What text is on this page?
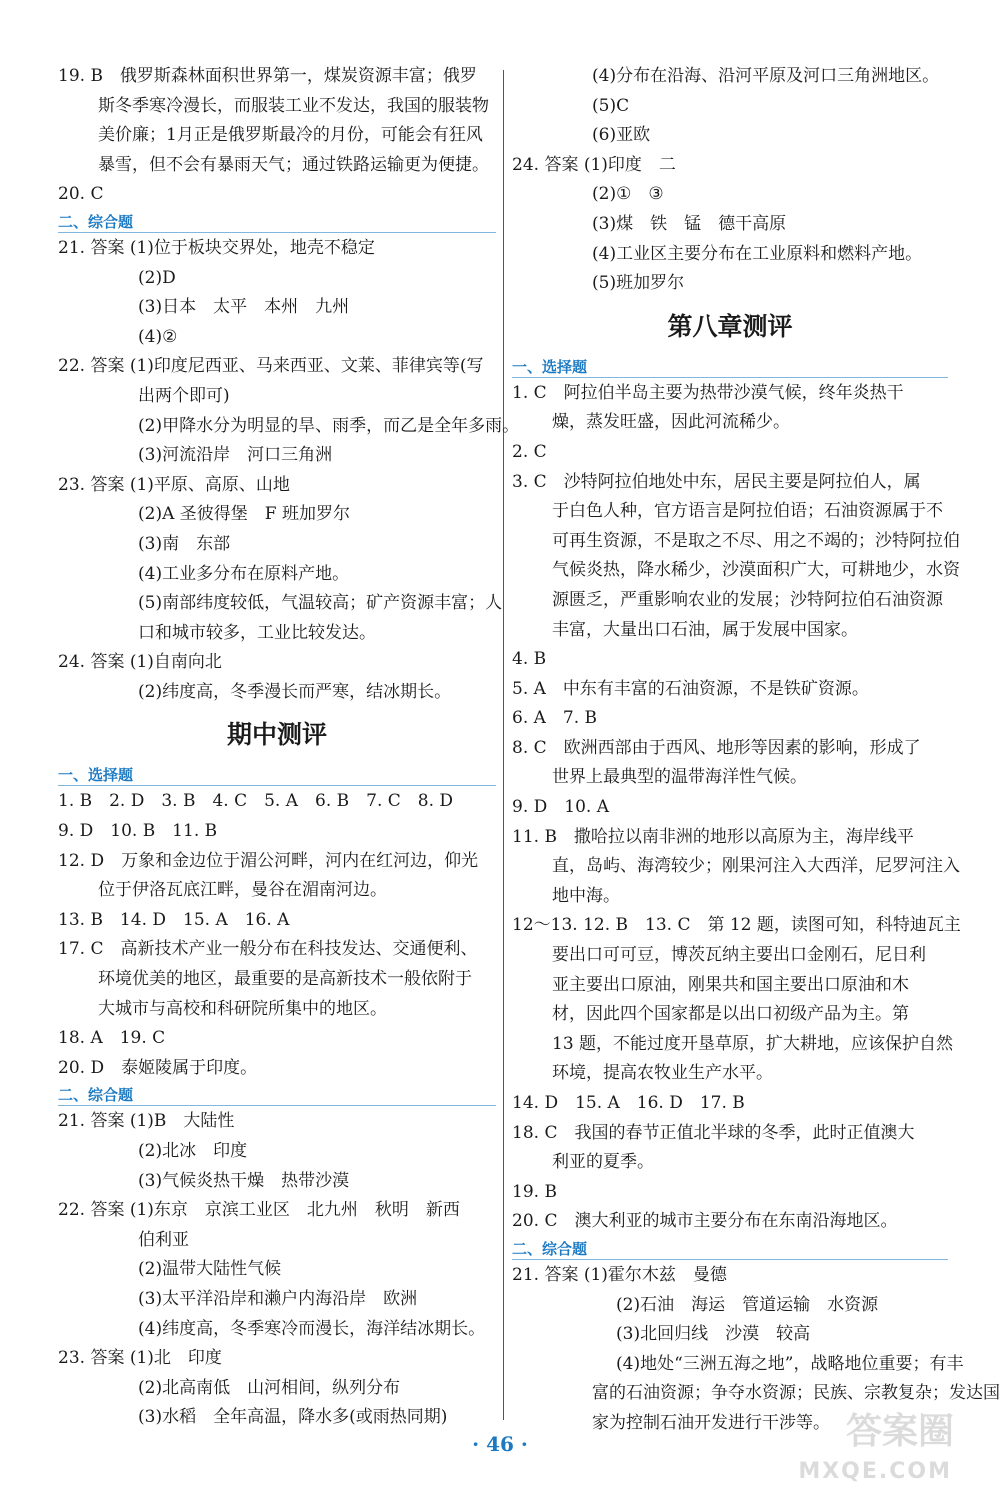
19. B　俄罗斯森林面积世界第一，煤炭资源丰富；俄罗
斯冬季寒冷漫长，而服装工业不发达，我国的服装物
美价廉；1月正是俄罗斯最冷的月份，可能会有狂风
暴雪，但不会有暴雨天气；通过铁路运输更为便捷。
20. C
二、综合题
21. 答案 (1)位于板块交界处，地壳不稳定
(2)D
(3)日本　太平　本州　九州
(4)②
22. 答案 (1)印度尼西亚、马来西亚、文莱、菲律宾等(写
出两个即可)
(2)甲降水分为明显的旱、雨季，而乙是全年多雨。
(3)河流沿岸　河口三角洲
23. 答案 (1)平原、高原、山地
(2)A 圣彼得堡　F 班加罗尔
(3)南　东部
(4)工业多分布在原料产地。
(5)南部纬度较低，气温较高；矿产资源丰富；人
口和城市较多，工业比较发达。
24. 答案 (1)自南向北
(2)纬度高，冬季漫长而严寒，结冰期长。
期中测评
一、选择题
1. B　2. D　3. B　4. C　5. A　6. B　7. C　8. D
9. D　10. B　11. B
12. D　万象和金边位于湄公河畔，河内在红河边，仰光
位于伊洛瓦底江畔，曼谷在湄南河边。
13. B　14. D　15. A　16. A
17. C　高新技术产业一般分布在科技发达、交通便利、
环境优美的地区，最重要的是高新技术一般依附于
大城市与高校和科研院所集中的地区。
18. A　19. C
20. D　泰姬陵属于印度。
二、综合题
21. 答案 (1)B　大陆性
(2)北冰　印度
(3)气候炎热干燥　热带沙漠
22. 答案 (1)东京　京滨工业区　北九州　秋明　新西
伯利亚
(2)温带大陆性气候
(3)太平洋沿岸和濑户内海沿岸　欧洲
(4)纬度高，冬季寒冷而漫长，海洋结冰期长。
23. 答案 (1)北　印度
(2)北高南低　山河相间，纵列分布
(3)水稻　全年高温，降水多(或雨热同期)
(4)分布在沿海、沿河平原及河口三角洲地区。
(5)C
(6)亚欧
24. 答案 (1)印度　二
(2)①　③
(3)煤　铁　锰　德干高原
(4)工业区主要分布在工业原料和燃料产地。
(5)班加罗尔
第八章测评
一、选择题
1. C　阿拉伯半岛主要为热带沙漠气候，终年炎热干
燥，蒸发旺盛，因此河流稀少。
2. C
3. C　沙特阿拉伯地处中东，居民主要是阿拉伯人，属
于白色人种，官方语言是阿拉伯语；石油资源属于不
可再生资源，不是取之不尽、用之不竭的；沙特阿拉伯
气候炎热，降水稀少，沙漠面积广大，可耕地少，水资
源匮乏，严重影响农业的发展；沙特阿拉伯石油资源
丰富，大量出口石油，属于发展中国家。
4. B
5. A　中东有丰富的石油资源，不是铁矿资源。
6. A　7. B
8. C　欧洲西部由于西风、地形等因素的影响，形成了
世界上最典型的温带海洋性气候。
9. D　10. A
11. B　撒哈拉以南非洲的地形以高原为主，海岸线平
直，岛屿、海湾较少；刚果河注入大西洋，尼罗河注入
地中海。
12～13. 12. B　13. C　第 12 题，读图可知，科特迪瓦主
要出口可可豆，博茨瓦纳主要出口金刚石，尼日利
亚主要出口原油，刚果共和国主要出口原油和木
材，因此四个国家都是以出口初级产品为主。第
13 题，不能过度开垦草原，扩大耕地，应该保护自然
环境，提高农牧业生产水平。
14. D　15. A　16. D　17. B
18. C　我国的春节正值北半球的冬季，此时正值澳大
利亚的夏季。
19. B
20. C　澳大利亚的城市主要分布在东南沿海地区。
二、综合题
21. 答案 (1)霍尔木兹　曼德
(2)石油　海运　管道运输　水资源
(3)北回归线　沙漠　较高
(4)地处“三洲五海之地”，战略地位重要；有丰
富的石油资源；争夺水资源；民族、宗教复杂；发达国
家为控制石油开发进行干涉等。
· 46 ·	答案圈
MXQE.COM
